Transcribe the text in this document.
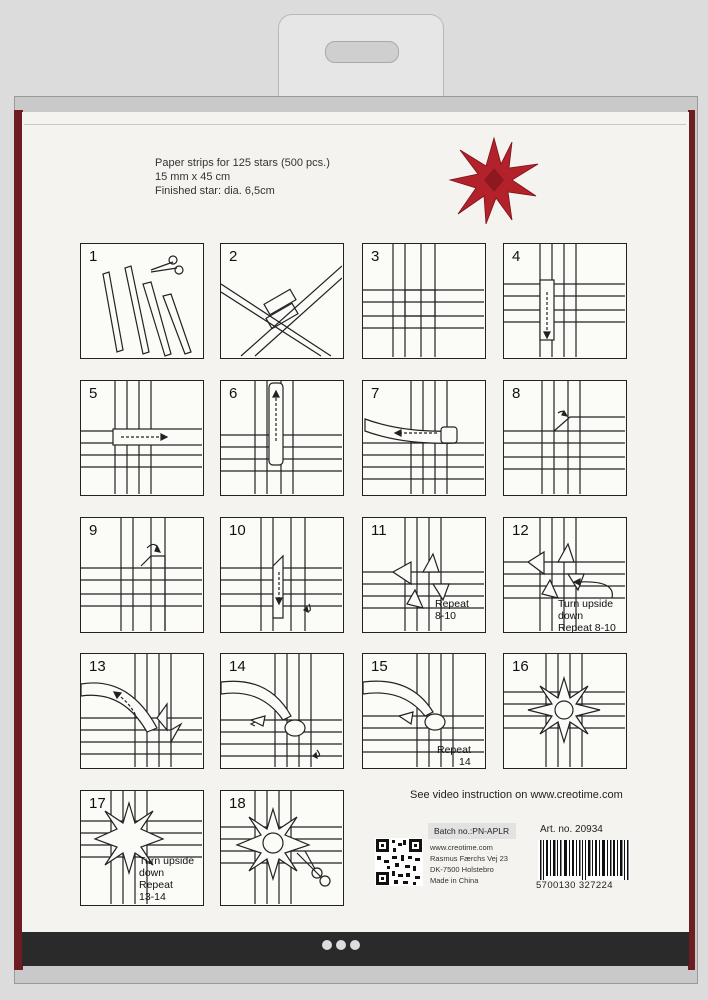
Paper strips for 125 stars (500 pcs.)
15 mm x 45 cm
Finished star: dia. 6,5cm
1	2	3	4
5	6	7	8
9	10	11
Repeat
8-10
12
Turn upside
down
Repeat 8-10
13	14	15
Repeat
14
16
17
Turn upside
down
Repeat
13-14
18	See video instruction on www.creotime.com
Batch no.:PN-APLR	Art. no. 20934
www.creotime.com
Rasmus Færchs Vej 23
DK-7500 Holstebro
Made in China	5700130 327224
